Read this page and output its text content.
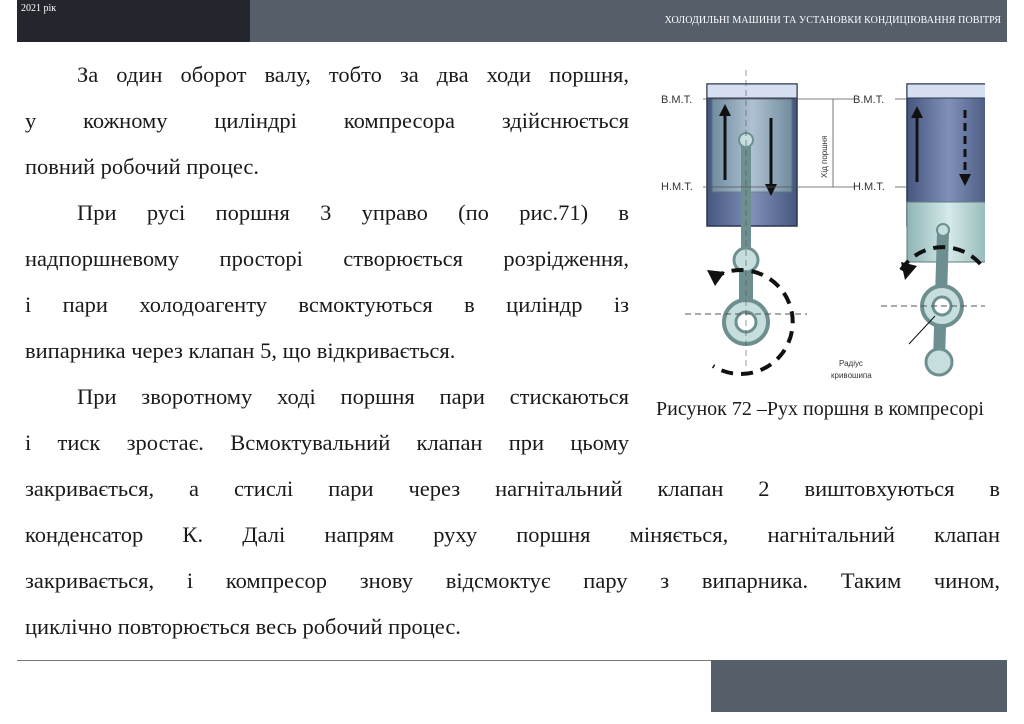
2021 рік
ХОЛОДИЛЬНІ МАШИНИ ТА УСТАНОВКИ КОНДИЦІЮВАННЯ ПОВІТРЯ
За один оборот валу, тобто за два ходи поршня,
у кожному циліндрі компресора здійснюється
повний робочий процес.
При русі поршня 3 управо (по рис.71) в
надпоршневому просторі створюється розрідження,
і пари холодоагенту всмоктуються в циліндр із
випарника через клапан 5, що відкривається.
При зворотному ході поршня пари стискаються
і тиск зростає. Всмоктувальний клапан при цьому
закривається, а стислі пари через нагнітальний клапан 2 виштовхуються в
конденсатор К. Далі напрям руху поршня міняється, нагнітальний клапан
закривається, і компресор знову відсмоктує пару з випарника. Таким чином,
циклічно повторюється весь робочий процес.
В.М.Т.
Н.М.Т.
Хід поршня
В.М.Т.
Н.М.Т.
Радіус
кривошипа
Рисунок 72 –Рух поршня в компресорі
